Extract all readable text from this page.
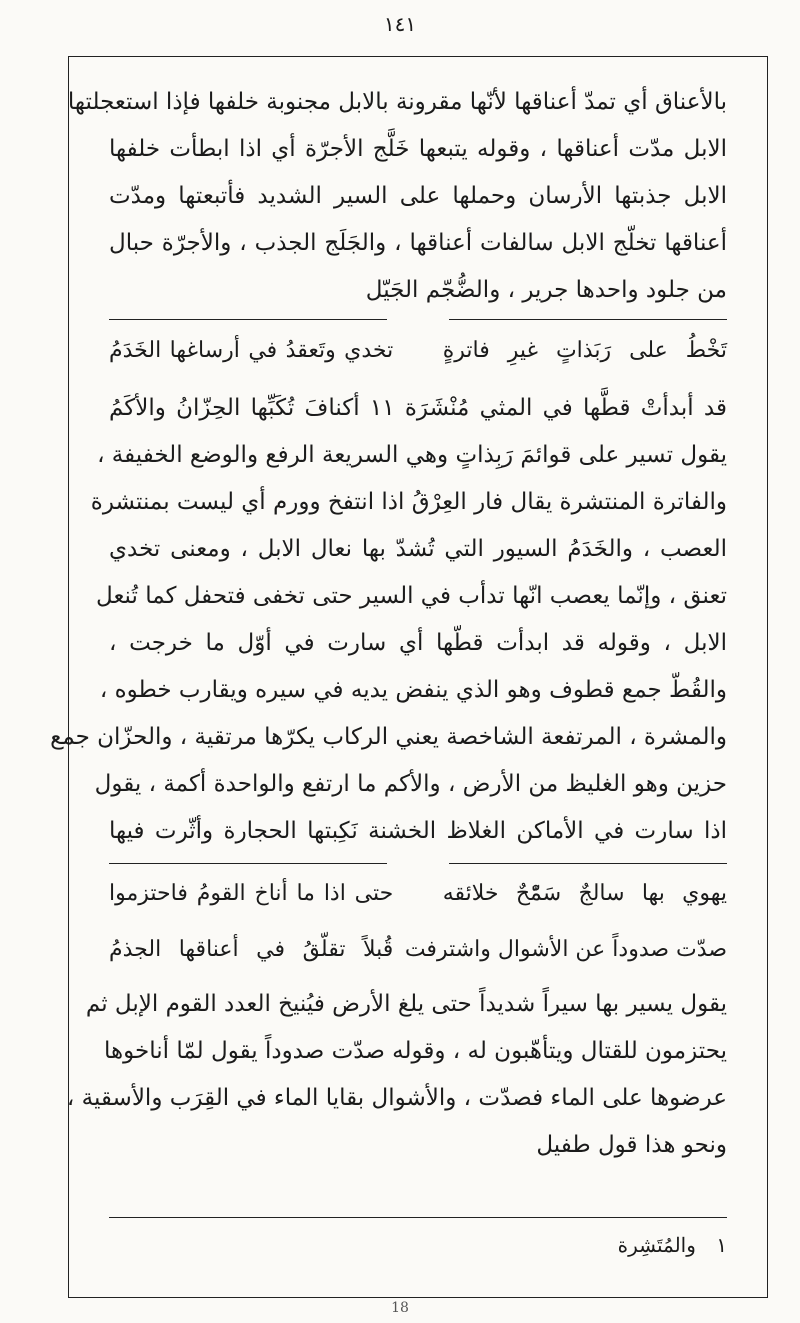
١٤١

بالأعناق أي تمدّ أعناقها لأنّها مقرونة بالابل مجنوبة خلفها فإذا استعجلتها

الابل مدّت أعناقها ، وقوله يتبعها خَلَّج الأجرّة أي اذا ابطأت خلفها

الابل جذبتها الأرسان وحملها على السير الشديد فأتبعتها ومدّت

أعناقها تخلّج الابل سالفات أعناقها ، والجَلَج الجذب ، والأجرّة حبال

من جلود واحدها جرير ، والضُّجّم الجَيّل

تَخْطُ على رَبَذاتٍ غيرِ فاترةٍ
تخدي وتَعقدُ في أرساغها الخَدَمُ

قد أبدأتْ قطَّها في المثي مُنْشَرَة ١١ أكنافَ تُكَبِّها الحِزّانُ والأكَمُ

يقول تسير على قوائمَ رَبِذاتٍ وهي السريعة الرفع والوضع الخفيفة ،

والفاترة المنتشرة يقال فار العِرْقُ اذا انتفخ وورم أي ليست بمنتشرة

العصب ، والخَدَمُ السيور التي تُشدّ بها نعال الابل ، ومعنى تخدي

تعنق ، وإنّما يعصب انّها تدأب في السير حتى تخفى فتحفل كما تُنعل

الابل ، وقوله قد ابدأت قطّها أي سارت في أوّل ما خرجت ،

والقُطّ جمع قطوف وهو الذي ينفض يديه في سيره ويقارب خطوه ،

والمشرة ، المرتفعة الشاخصة يعني الركاب يكرّها مرتقية ، والحزّان جمع

حزين وهو الغليظ من الأرض ، والأكم ما ارتفع والواحدة أكمة ، يقول

اذا سارت في الأماكن الغلاظ الخشنة نَكِبتها الحجارة وأثّرت فيها

يهوي بها سالجٌ سَمّْحٌ خلائقه
حتى اذا ما أناخ القومُ فاحتزموا
صدّت صدوداً عن الأشوال واشترفت
قُبلاً تقلّقُ في أعناقها الجذمُ

يقول يسير بها سيراً شديداً حتى يلغ الأرض فيُنيخ العدد القوم الإبل ثم

يحتزمون للقتال ويتأهّبون له ، وقوله صدّت صدوداً يقول لمّا أناخوها

عرضوها على الماء فصدّت ، والأشوال بقايا الماء في القِرَب والأسقية ،

ونحو هذا قول طفيل

١ والمُتَشِرة
18
